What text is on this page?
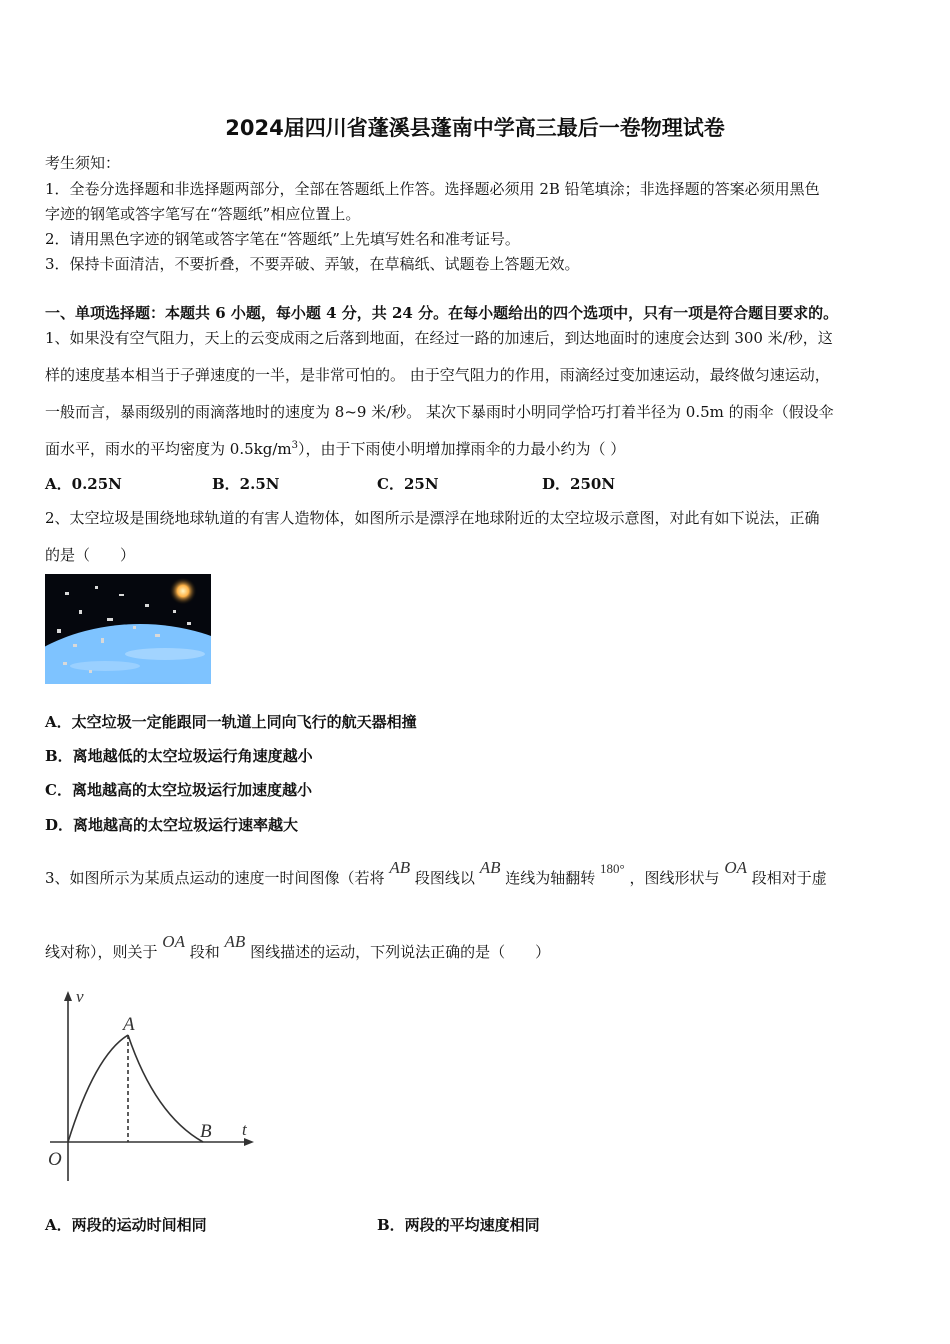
2024届四川省蓬溪县蓬南中学高三最后一卷物理试卷
考生须知：
1．全卷分选择题和非选择题两部分，全部在答题纸上作答。选择题必须用 2B 铅笔填涂；非选择题的答案必须用黑色
字迹的钢笔或答字笔写在“答题纸”相应位置上。
2．请用黑色字迹的钢笔或答字笔在“答题纸”上先填写姓名和准考证号。
3．保持卡面清洁，不要折叠，不要弄破、弄皱，在草稿纸、试题卷上答题无效。
一、单项选择题：本题共 6 小题，每小题 4 分，共 24 分。在每小题给出的四个选项中，只有一项是符合题目要求的。
1、如果没有空气阻力，天上的云变成雨之后落到地面，在经过一路的加速后，到达地面时的速度会达到 300 米/秒，这
样的速度基本相当于子弹速度的一半，是非常可怕的。 由于空气阻力的作用，雨滴经过变加速运动，最终做匀速运动，
一般而言，暴雨级别的雨滴落地时的速度为 8~9 米/秒。 某次下暴雨时小明同学恰巧打着半径为 0.5m 的雨伞（假设伞
面水平，雨水的平均密度为 $0.5kg/m^3$），由于下雨使小明增加撑雨伞的力最小约为（ ）
A．0.25N	B．2.5N	C．25N	D．250N
2、太空垃圾是围绕地球轨道的有害人造物体，如图所示是漂浮在地球附近的太空垃圾示意图，对此有如下说法，正确
的是（　　）
A．太空垃圾一定能跟同一轨道上同向飞行的航天器相撞
B．离地越低的太空垃圾运行角速度越小
C．离地越高的太空垃圾运行加速度越小
D．离地越高的太空垃圾运行速率越大
3、如图所示为某质点运动的速度一时间图像（若将 AB 段图线以 AB 连线为轴翻转 180° ，图线形状与 OA 段相对于虚
线对称），则关于 OA 段和 AB 图线描述的运动，下列说法正确的是（　　）
v
t
O
A
B
A．两段的运动时间相同	B．两段的平均速度相同
